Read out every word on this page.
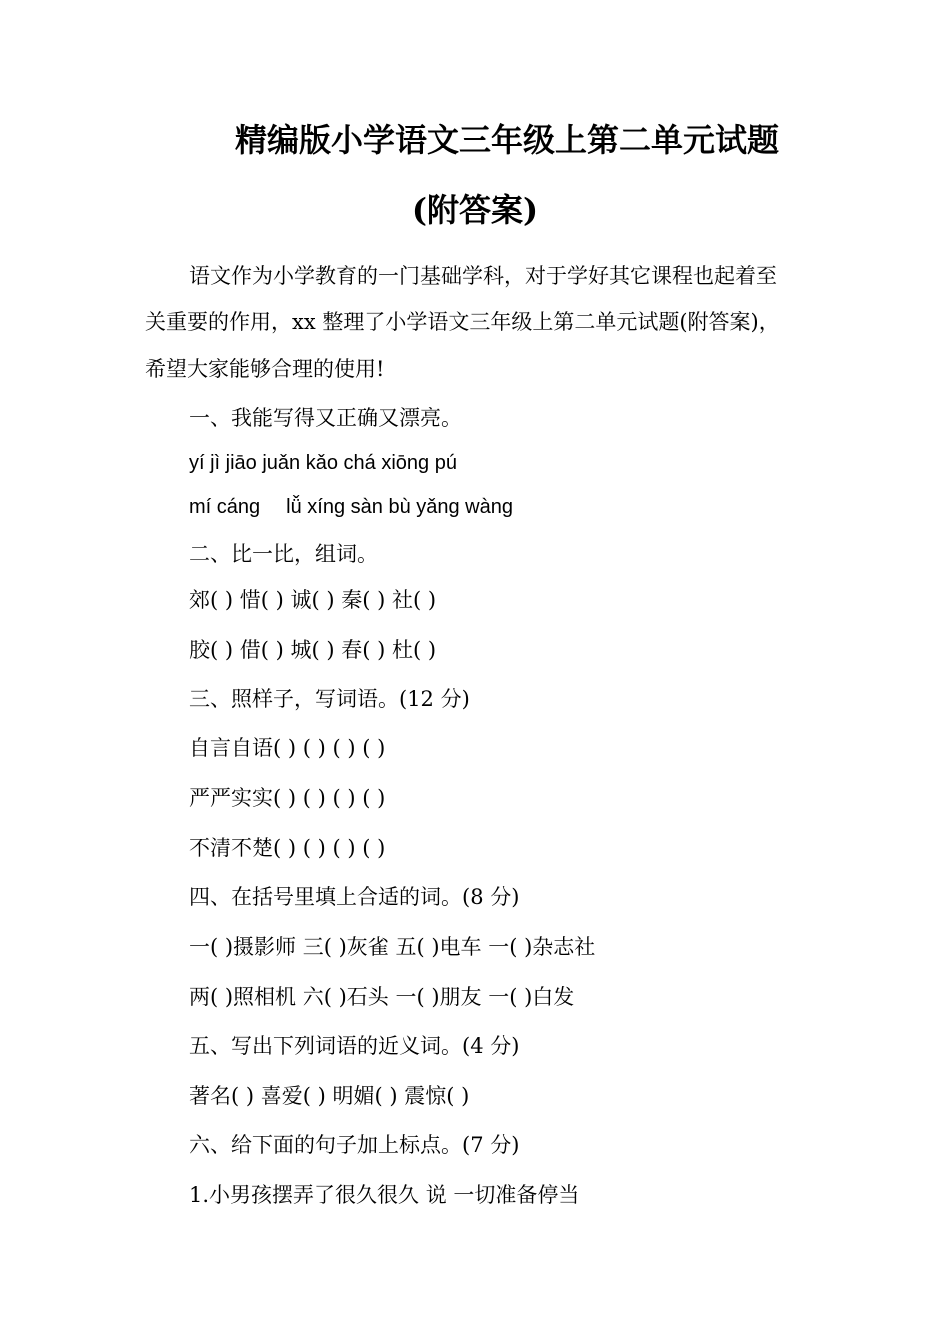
精编版小学语文三年级上第二单元试题
(附答案)
语文作为小学教育的一门基础学科，对于学好其它课程也起着至
关重要的作用，xx 整理了小学语文三年级上第二单元试题(附答案)，
希望大家能够合理的使用!
一、我能写得又正确又漂亮。
yí jì jiāo juǎn kǎo chá xiōng pú
mí cáng lǚ xíng sàn bù yǎng wàng
二、比一比，组词。
郊( ) 惜( ) 诚( ) 秦( ) 社( )
胶( ) 借( ) 城( ) 春( ) 杜( )
三、照样子，写词语。(12 分)
自言自语( ) ( ) ( ) ( )
严严实实( ) ( ) ( ) ( )
不清不楚( ) ( ) ( ) ( )
四、在括号里填上合适的词。(8 分)
一( )摄影师 三( )灰雀 五( )电车 一( )杂志社
两( )照相机 六( )石头 一( )朋友 一( )白发
五、写出下列词语的近义词。(4 分)
著名( ) 喜爱( ) 明媚( ) 震惊( )
六、给下面的句子加上标点。(7 分)
1.小男孩摆弄了很久很久 说 一切准备停当
